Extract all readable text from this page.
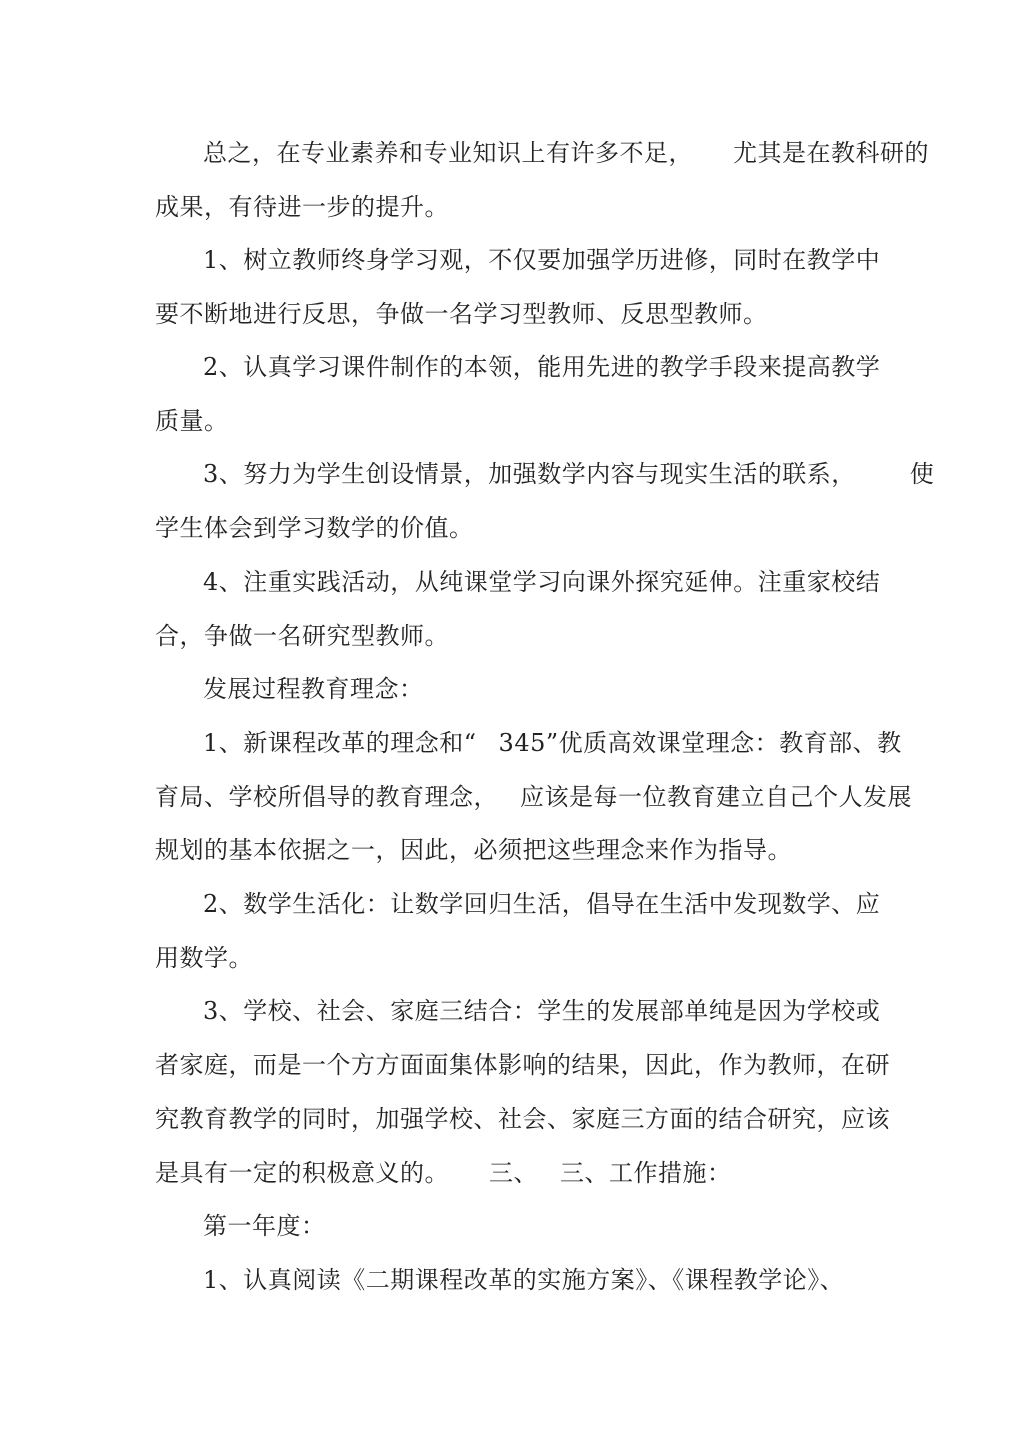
总之，在专业素养和专业知识上有许多不足， 尤其是在教科研的
成果，有待进一步的提升。
1、树立教师终身学习观，不仅要加强学历进修，同时在教学中
要不断地进行反思，争做一名学习型教师、反思型教师。
2、认真学习课件制作的本领，能用先进的教学手段来提高教学
质量。
3、努力为学生创设情景，加强数学内容与现实生活的联系， 使
学生体会到学习数学的价值。
4、注重实践活动，从纯课堂学习向课外探究延伸。注重家校结
合，争做一名研究型教师。
发展过程教育理念：
1、新课程改革的理念和“ 345”优质高效课堂理念：教育部、教
育局、学校所倡导的教育理念， 应该是每一位教育建立自己个人发展
规划的基本依据之一，因此，必须把这些理念来作为指导。
2、数学生活化：让数学回归生活，倡导在生活中发现数学、应
用数学。
3、学校、社会、家庭三结合：学生的发展部单纯是因为学校或
者家庭，而是一个方方面面集体影响的结果，因此，作为教师，在研
究教育教学的同时，加强学校、社会、家庭三方面的结合研究，应该
是具有一定的积极意义的。 三、 三、工作措施：
第一年度：
1、认真阅读《二期课程改革的实施方案》、《课程教学论》、
